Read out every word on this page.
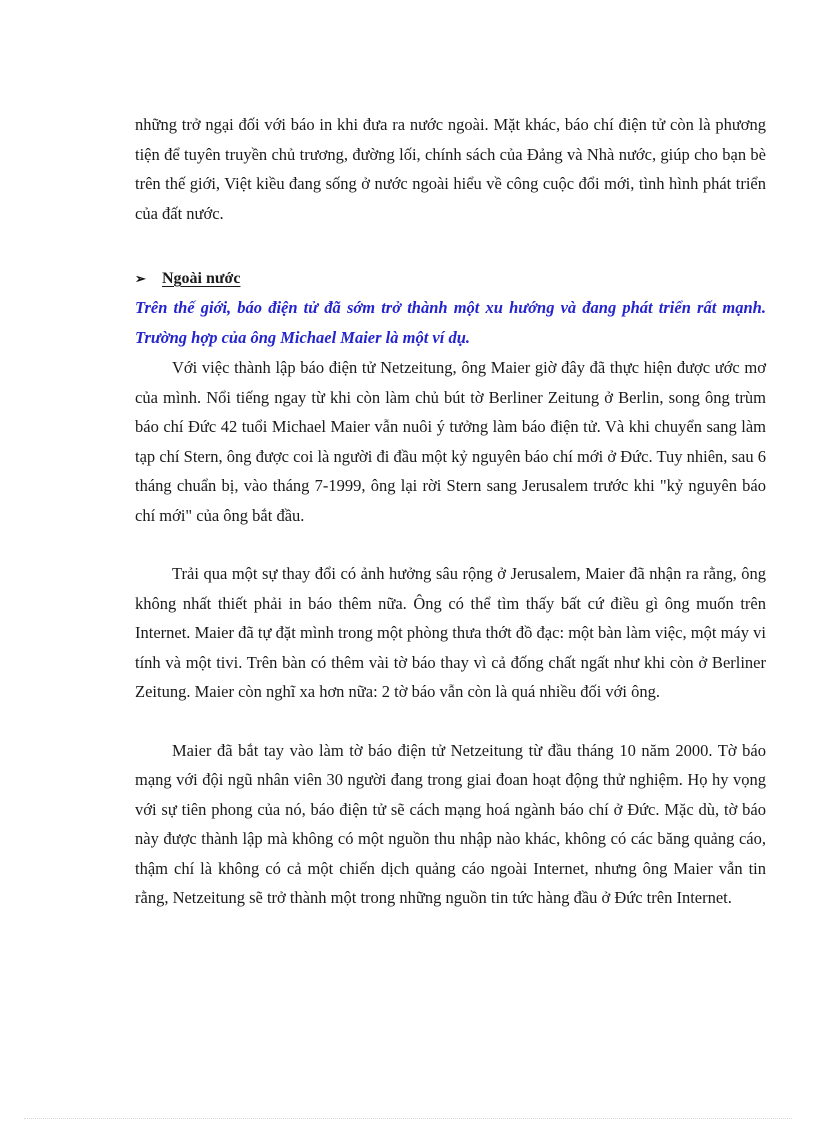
những trở ngại đối với báo in khi đưa ra nước ngoài. Mặt khác, báo chí điện tử còn là phương tiện để tuyên truyền chủ trương, đường lối, chính sách của Đảng và Nhà nước, giúp cho bạn bè trên thế giới, Việt kiều đang sống ở nước ngoài hiểu về công cuộc đổi mới, tình hình phát triển của đất nước.

➢	Ngoài nước

Trên thế giới, báo điện tử đã sớm trở thành một xu hướng và đang phát triển rất mạnh. Trường hợp của ông Michael Maier là một ví dụ.

Với việc thành lập báo điện tử Netzeitung, ông Maier giờ đây đã thực hiện được ước mơ của mình. Nổi tiếng ngay từ khi còn làm chủ bút tờ Berliner Zeitung ở Berlin, song ông trùm báo chí Đức 42 tuổi Michael Maier vẫn nuôi ý tưởng làm báo điện tử. Và khi chuyển sang làm tạp chí Stern, ông được coi là người đi đầu một kỷ nguyên báo chí mới ở Đức. Tuy nhiên, sau 6 tháng chuẩn bị, vào tháng 7-1999, ông lại rời Stern sang Jerusalem trước khi "kỷ nguyên báo chí mới" của ông bắt đầu.

Trải qua một sự thay đổi có ảnh hưởng sâu rộng ở Jerusalem, Maier đã nhận ra rằng, ông không nhất thiết phải in báo thêm nữa. Ông có thể tìm thấy bất cứ điều gì ông muốn trên Internet. Maier đã tự đặt mình trong một phòng thưa thớt đồ đạc: một bàn làm việc, một máy vi tính và một tivi. Trên bàn có thêm vài tờ báo thay vì cả đống chất ngất như khi còn ở Berliner Zeitung. Maier còn nghĩ xa hơn nữa: 2 tờ báo vẫn còn là quá nhiều đối với ông.

Maier đã bắt tay vào làm tờ báo điện tử Netzeitung từ đầu tháng 10 năm 2000. Tờ báo mạng với đội ngũ nhân viên 30 người đang trong giai đoan hoạt động thử nghiệm. Họ hy vọng với sự tiên phong của nó, báo điện tử sẽ cách mạng hoá ngành báo chí ở Đức. Mặc dù, tờ báo này được thành lập mà không có một nguồn thu nhập nào khác, không có các băng quảng cáo, thậm chí là không có cả một chiến dịch quảng cáo ngoài Internet, nhưng ông Maier vẫn tin rằng, Netzeitung sẽ trở thành một trong những nguồn tin tức hàng đầu ở Đức trên Internet.
